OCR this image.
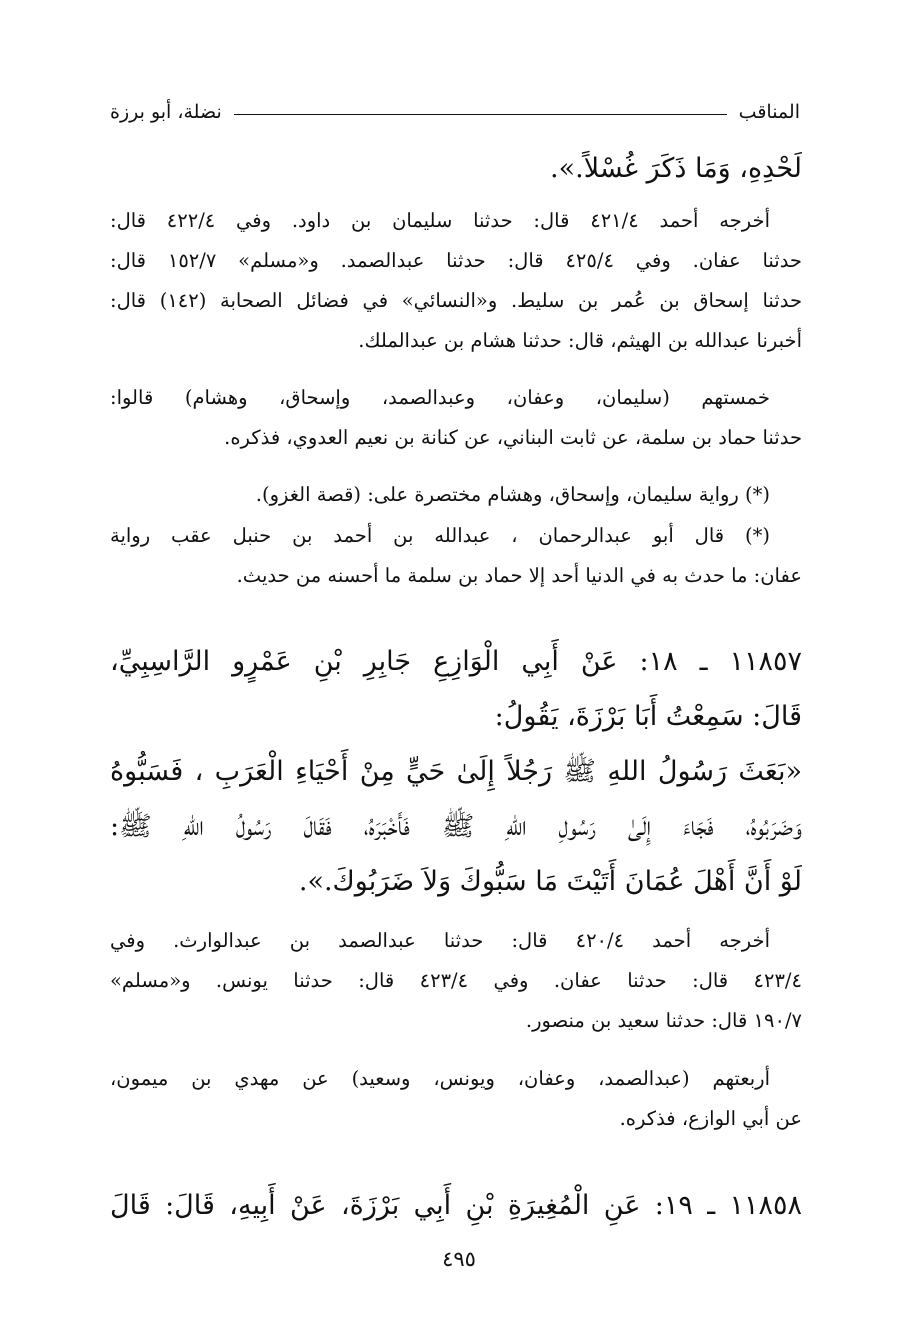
المناقب
نضلة، أبو برزة
لَحْدِهِ، وَمَا ذَكَرَ غُسْلاً.».
أخرجه أحمد ٤٢١/٤ قال: حدثنا سليمان بن داود. وفي ٤٢٢/٤ قال:
حدثنا عفان. وفي ٤٢٥/٤ قال: حدثنا عبدالصمد. و«مسلم» ١٥٢/٧ قال:
حدثنا إسحاق بن عُمر بن سليط. و«النسائي» في فضائل الصحابة (١٤٢) قال:
أخبرنا عبدالله بن الهيثم، قال: حدثنا هشام بن عبدالملك.
خمستهم (سليمان، وعفان، وعبدالصمد، وإسحاق، وهشام) قالوا:
حدثنا حماد بن سلمة، عن ثابت البناني، عن كنانة بن نعيم العدوي، فذكره.
(*) رواية سليمان، وإسحاق، وهشام مختصرة على: (قصة الغزو).
(*) قال أبو عبدالرحمان ، عبدالله بن أحمد بن حنبل عقب رواية
عفان: ما حدث به في الدنيا أحد إلا حماد بن سلمة ما أحسنه من حديث.
١١٨٥٧ ـ ١٨: عَنْ أَبِي الْوَازِعِ جَابِرِ بْنِ عَمْرٍو الرَّاسِبِيِّ،
قَالَ: سَمِعْتُ أَبَا بَرْزَةَ، يَقُولُ:
«بَعَثَ رَسُولُ اللهِ ﷺ رَجُلاً إِلَىٰ حَيٍّ مِنْ أَحْيَاءِ الْعَرَبِ ، فَسَبُّوهُ
وَضَرَبُوهُ، فَجَاءَ إِلَىٰ رَسُولِ اللهِ ﷺ فَأَخْبَرَهُ، فَقَالَ رَسُولُ اللهِ ﷺ:
لَوْ أَنَّ أَهْلَ عُمَانَ أَتَيْتَ مَا سَبُّوكَ وَلاَ ضَرَبُوكَ.».
أخرجه أحمد ٤٢٠/٤ قال: حدثنا عبدالصمد بن عبدالوارث. وفي
٤٢٣/٤ قال: حدثنا عفان. وفي ٤٢٣/٤ قال: حدثنا يونس. و«مسلم»
١٩٠/٧ قال: حدثنا سعيد بن منصور.
أربعتهم (عبدالصمد، وعفان، ويونس، وسعيد) عن مهدي بن ميمون،
عن أبي الوازع، فذكره.
١١٨٥٨ ـ ١٩: عَنِ الْمُغِيرَةِ بْنِ أَبِي بَرْزَةَ، عَنْ أَبِيهِ، قَالَ: قَالَ
٤٩٥
